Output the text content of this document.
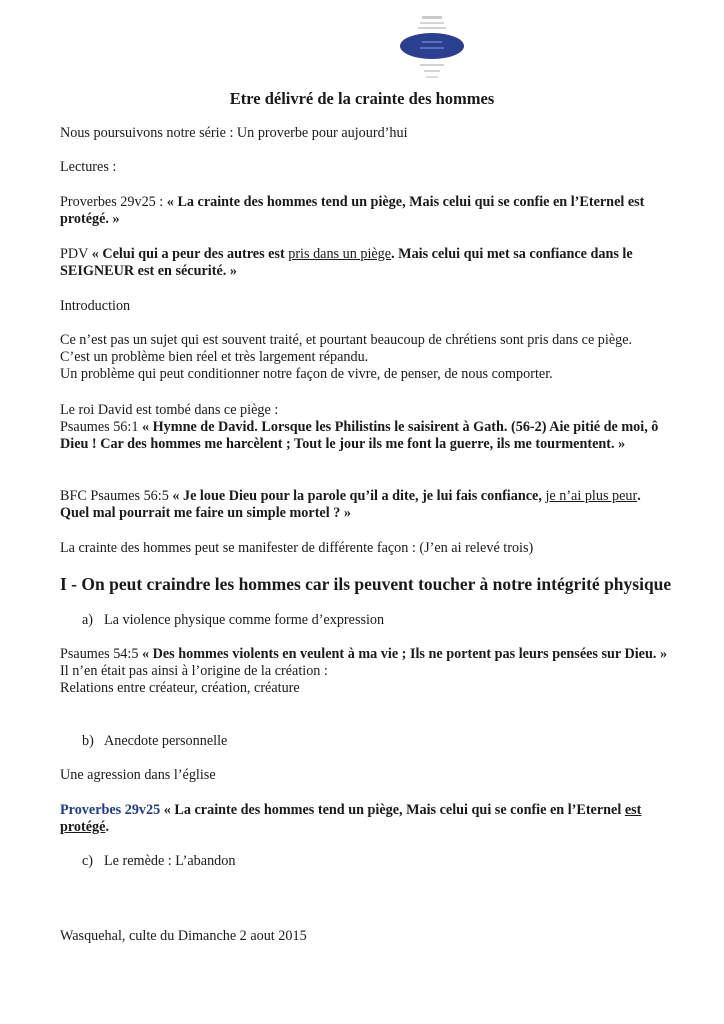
Etre délivré de la crainte des hommes

Nous poursuivons notre série : Un proverbe pour aujourd’hui

Lectures :

Proverbes 29v25 : « La crainte des hommes tend un piège, Mais celui qui se confie en l’Eternel est protégé. »

PDV « Celui qui a peur des autres est pris dans un piège. Mais celui qui met sa confiance dans le SEIGNEUR est en sécurité. »

Introduction

Ce n’est pas un sujet qui est souvent traité, et pourtant beaucoup de chrétiens sont pris dans ce piège.
C’est un problème bien réel et très largement répandu.
Un problème qui peut conditionner notre façon de vivre, de penser, de nous comporter.
Le roi David est tombé dans ce piège :
Psaumes 56:1 « Hymne de David. Lorsque les Philistins le saisirent à Gath. (56-2) Aie pitié de moi, ô Dieu ! Car des hommes me harcèlent ; Tout le jour ils me font la guerre, ils me tourmentent. »

BFC Psaumes 56:5 « Je loue Dieu pour la parole qu’il a dite, je lui fais confiance, je n’ai plus peur. Quel mal pourrait me faire un simple mortel ? »

La crainte des hommes peut se manifester de différente façon : (J’en ai relevé trois)

I - On peut craindre les hommes car ils peuvent toucher à notre intégrité physique

a) La violence physique comme forme d’expression

Psaumes 54:5 « Des hommes violents en veulent à ma vie ; Ils ne portent pas leurs pensées sur Dieu. »
Il n’en était pas ainsi à l’origine de la création :
Relations entre créateur, création, créature

b) Anecdote personnelle

Une agression dans l’église

Proverbes 29v25 « La crainte des hommes tend un piège, Mais celui qui se confie en l’Eternel est protégé.

c) Le remède : L’abandon

Wasquehal, culte du Dimanche 2 aout 2015
